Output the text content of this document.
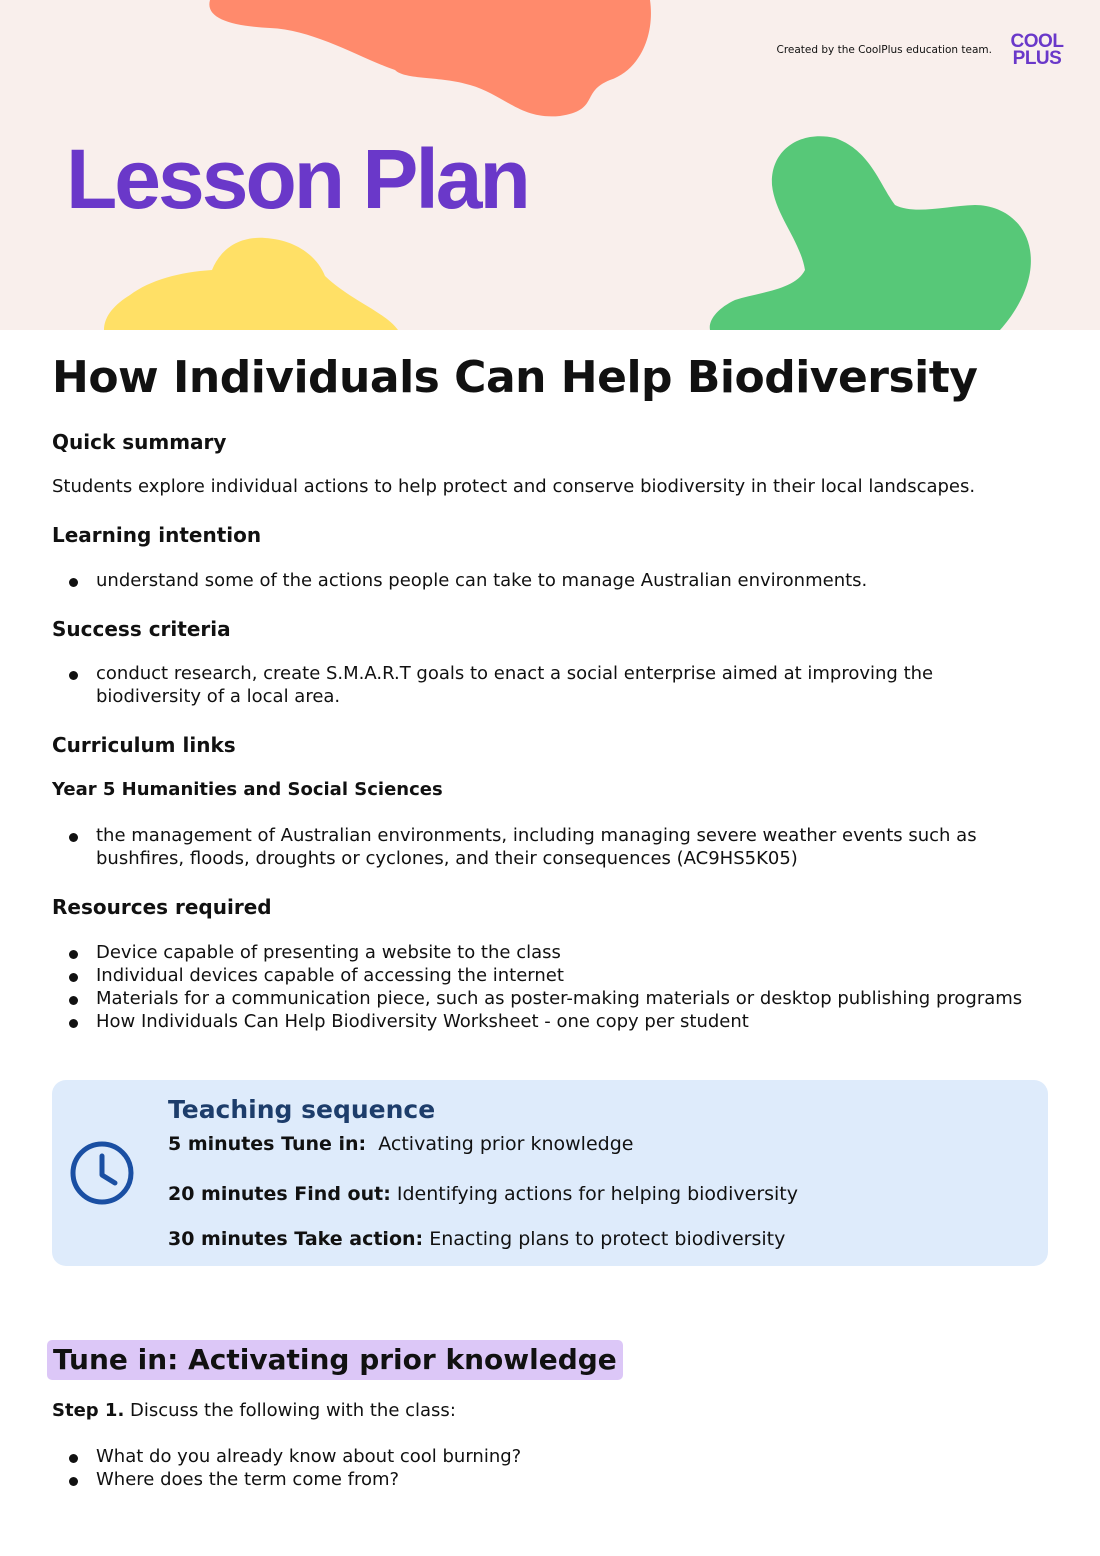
Created by the CoolPlus education team. COOL
PLUS
Lesson Plan
How Individuals Can Help Biodiversity
Quick summary

Students explore individual actions to help protect and conserve biodiversity in their local landscapes.

Learning intention
understand some of the actions people can take to manage Australian environments.
Success criteria
conduct research, create S.M.A.R.T goals to enact a social enterprise aimed at improving the biodiversity of a local area.
Curriculum links
Year 5 Humanities and Social Sciences
the management of Australian environments, including managing severe weather events such as bushfires, floods, droughts or cyclones, and their consequences (AC9HS5K05)
Resources required
Device capable of presenting a website to the class
Individual devices capable of accessing the internet
Materials for a communication piece, such as poster-making materials or desktop publishing programs
How Individuals Can Help Biodiversity Worksheet - one copy per student
Teaching sequence

5 minutes Tune in: Activating prior knowledge

20 minutes Find out: Identifying actions for helping biodiversity

30 minutes Take action: Enacting plans to protect biodiversity

Tune in: Activating prior knowledge

Step 1. Discuss the following with the class:

What do you already know about cool burning?
Where does the term come from?
